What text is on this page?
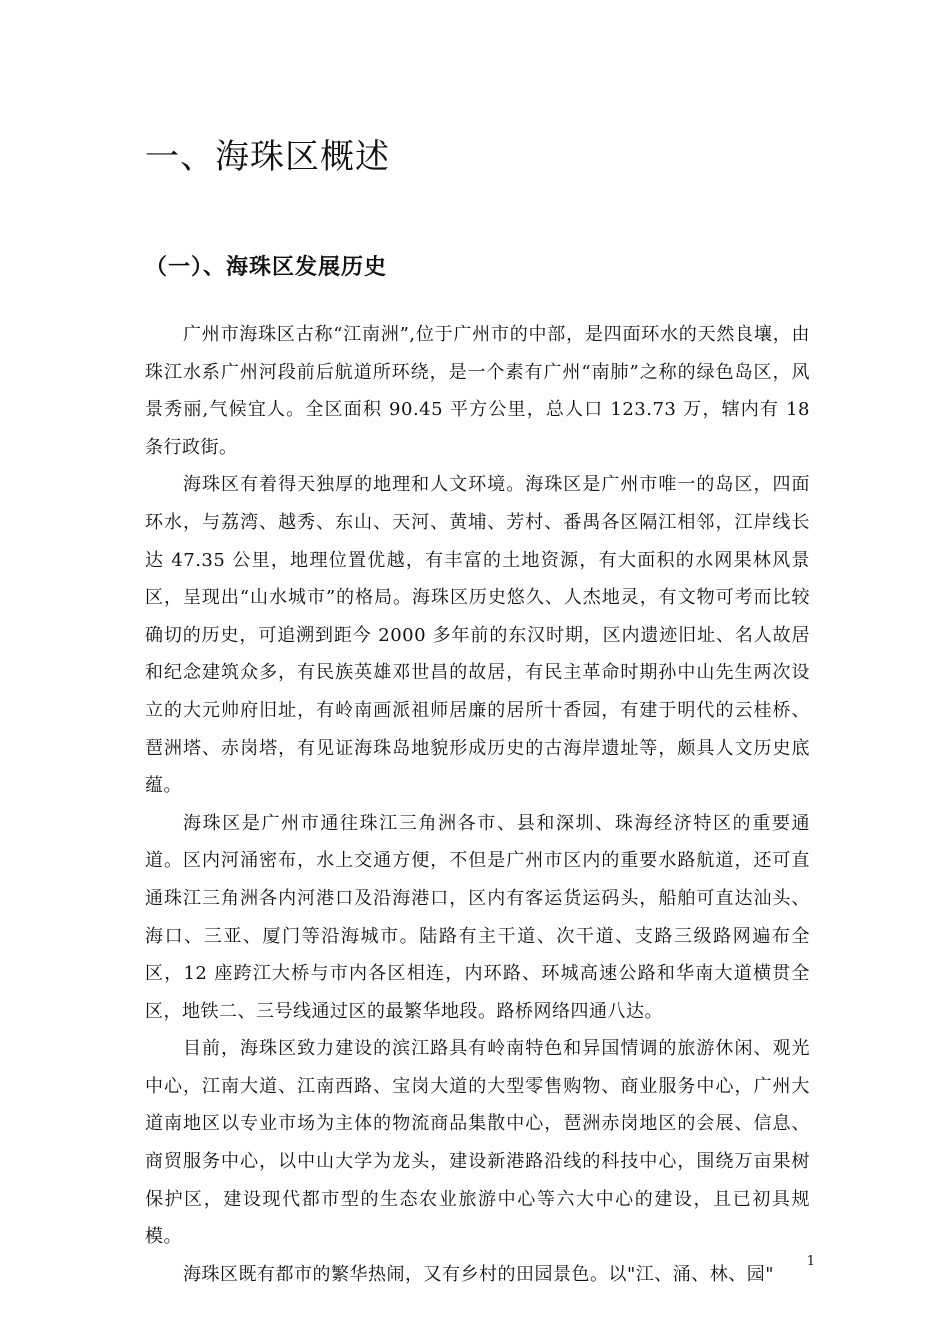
一、海珠区概述
（一）、海珠区发展历史

广州市海珠区古称“江南洲”,位于广州市的中部，是四面环水的天然良壤，由珠江水系广州河段前后航道所环绕，是一个素有广州“南肺”之称的绿色岛区，风景秀丽,气候宜人。全区面积 90.45 平方公里，总人口 123.73 万，辖内有 18 条行政街。

海珠区有着得天独厚的地理和人文环境。海珠区是广州市唯一的岛区，四面环水，与荔湾、越秀、东山、天河、黄埔、芳村、番禺各区隔江相邻，江岸线长达 47.35 公里，地理位置优越，有丰富的土地资源，有大面积的水网果林风景区，呈现出“山水城市”的格局。海珠区历史悠久、人杰地灵，有文物可考而比较确切的历史，可追溯到距今 2000 多年前的东汉时期，区内遗迹旧址、名人故居和纪念建筑众多，有民族英雄邓世昌的故居，有民主革命时期孙中山先生两次设立的大元帅府旧址，有岭南画派祖师居廉的居所十香园，有建于明代的云桂桥、琶洲塔、赤岗塔，有见证海珠岛地貌形成历史的古海岸遗址等，颇具人文历史底蕴。

海珠区是广州市通往珠江三角洲各市、县和深圳、珠海经济特区的重要通道。区内河涌密布，水上交通方便，不但是广州市区内的重要水路航道，还可直通珠江三角洲各内河港口及沿海港口，区内有客运货运码头，船舶可直达汕头、海口、三亚、厦门等沿海城市。陆路有主干道、次干道、支路三级路网遍布全区，12 座跨江大桥与市内各区相连，内环路、环城高速公路和华南大道横贯全区，地铁二、三号线通过区的最繁华地段。路桥网络四通八达。

目前，海珠区致力建设的滨江路具有岭南特色和异国情调的旅游休闲、观光中心，江南大道、江南西路、宝岗大道的大型零售购物、商业服务中心，广州大道南地区以专业市场为主体的物流商品集散中心，琶洲赤岗地区的会展、信息、商贸服务中心，以中山大学为龙头，建设新港路沿线的科技中心，围绕万亩果树保护区，建设现代都市型的生态农业旅游中心等六大中心的建设，且已初具规模。

海珠区既有都市的繁华热闹，又有乡村的田园景色。以"江、涌、林、园"

1
